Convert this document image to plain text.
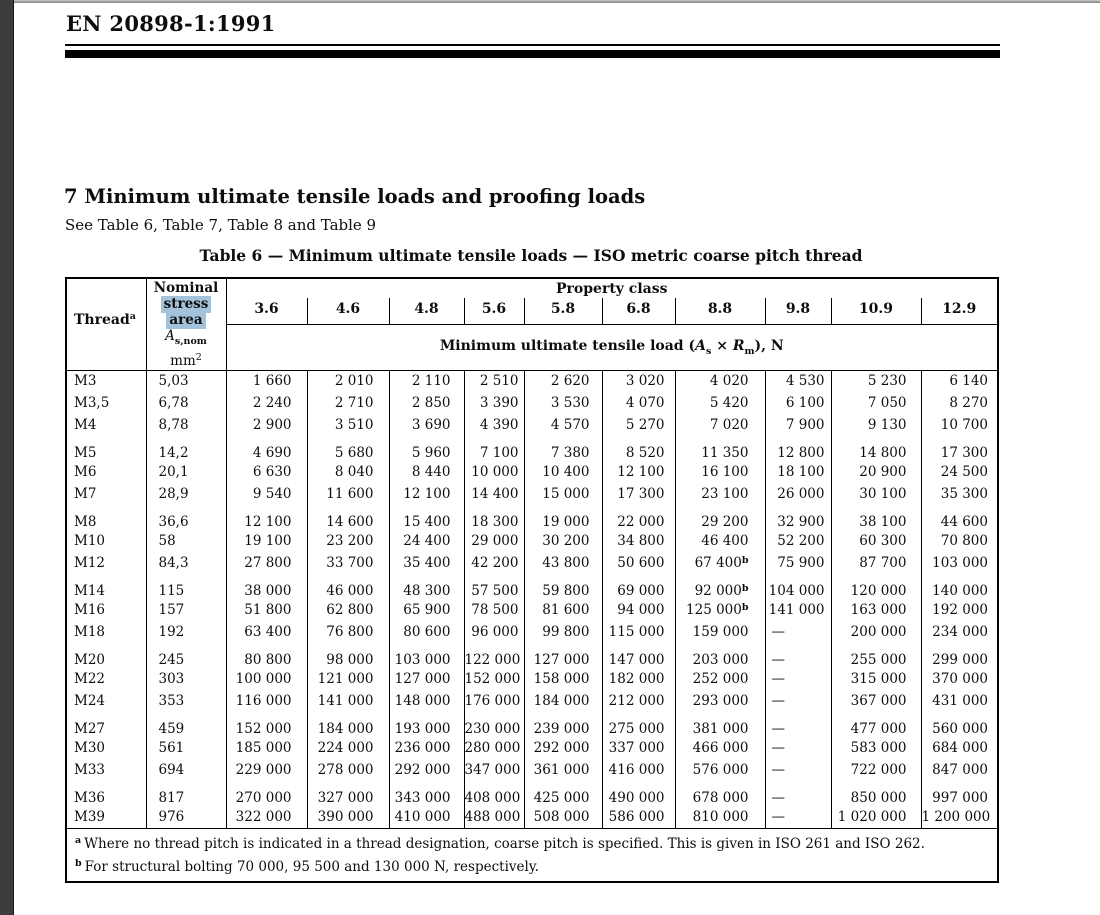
EN 20898-1:1991
7 Minimum ultimate tensile loads and proofing loads
See Table 6, Table 7, Table 8 and Table 9
Table 6 — Minimum ultimate tensile loads — ISO metric coarse pitch thread
Thread$^a$	Nominal
stress
area
$A_{s,nom}$
$mm^2$	Property class									
		3.6	4.6	4.8	5.6	5.8	6.8	8.8	9.8	10.9	12.9
		Minimum ultimate tensile load $(A_s \times R_m)$, N									
M3	5,03	1 660	2 010	2 110	2 510	2 620	3 020	4 020	4 530	5 230	6 140
M3,5	6,78	2 240	2 710	2 850	3 390	3 530	4 070	5 420	6 100	7 050	8 270
M4	8,78	2 900	3 510	3 690	4 390	4 570	5 270	7 020	7 900	9 130	10 700
M5	14,2	4 690	5 680	5 960	7 100	7 380	8 520	11 350	12 800	14 800	17 300
M6	20,1	6 630	8 040	8 440	10 000	10 400	12 100	16 100	18 100	20 900	24 500
M7	28,9	9 540	11 600	12 100	14 400	15 000	17 300	23 100	26 000	30 100	35 300
M8	36,6	12 100	14 600	15 400	18 300	19 000	22 000	29 200	32 900	38 100	44 600
M10	58	19 100	23 200	24 400	29 000	30 200	34 800	46 400	52 200	60 300	70 800
M12	84,3	27 800	33 700	35 400	42 200	43 800	50 600	67 400$^b$	75 900	87 700	103 000
M14	115	38 000	46 000	48 300	57 500	59 800	69 000	92 000$^b$	104 000	120 000	140 000
M16	157	51 800	62 800	65 900	78 500	81 600	94 000	125 000$^b$	141 000	163 000	192 000
M18	192	63 400	76 800	80 600	96 000	99 800	115 000	159 000	—	200 000	234 000
M20	245	80 800	98 000	103 000	122 000	127 000	147 000	203 000	—	255 000	299 000
M22	303	100 000	121 000	127 000	152 000	158 000	182 000	252 000	—	315 000	370 000
M24	353	116 000	141 000	148 000	176 000	184 000	212 000	293 000	—	367 000	431 000
M27	459	152 000	184 000	193 000	230 000	239 000	275 000	381 000	—	477 000	560 000
M30	561	185 000	224 000	236 000	280 000	292 000	337 000	466 000	—	583 000	684 000
M33	694	229 000	278 000	292 000	347 000	361 000	416 000	576 000	—	722 000	847 000
M36	817	270 000	327 000	343 000	408 000	425 000	490 000	678 000	—	850 000	997 000
M39	976	322 000	390 000	410 000	488 000	508 000	586 000	810 000	—	1 020 000	1 200 000

$^a$ Where no thread pitch is indicated in a thread designation, coarse pitch is specified. This is given in ISO 261 and ISO 262.
$^b$ For structural bolting 70 000, 95 500 and 130 000 N, respectively.											
